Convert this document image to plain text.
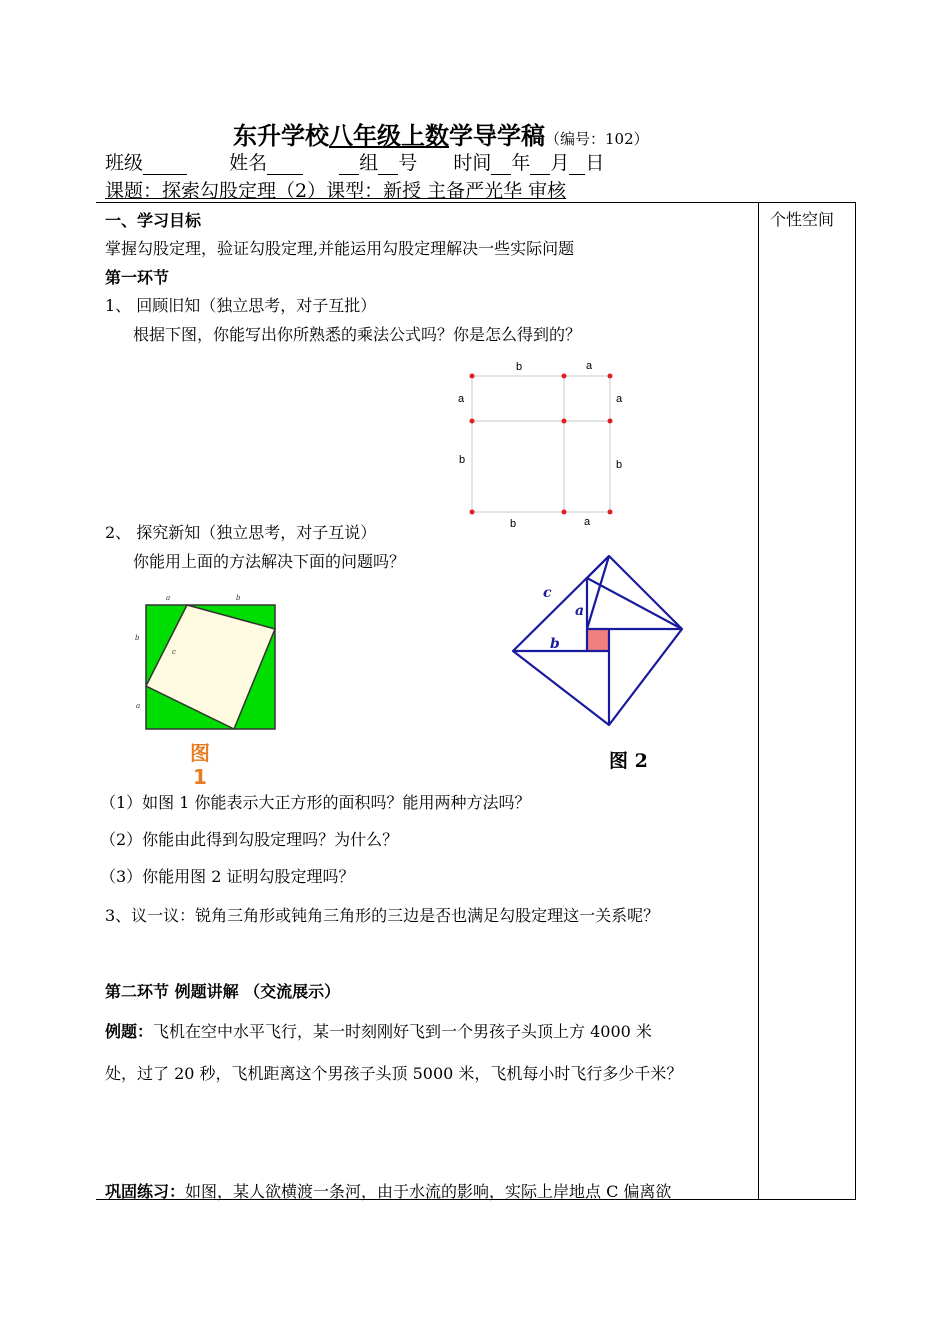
东升学校八年级上数学导学稿（编号：102）
班级	姓名	组 号 时间 年 月 日
课题：探索勾股定理（2）课型：新授 主备严光华 审核
个性空间
一、学习目标
掌握勾股定理，验证勾股定理,并能运用勾股定理解决一些实际问题
第一环节
1、 回顾旧知（独立思考，对子互批）
根据下图，你能写出你所熟悉的乘法公式吗？你是怎么得到的？
b	a
a	a
b	b
b	a
2、 探究新知（独立思考，对子互说）
你能用上面的方法解决下面的问题吗？
a	b
b
a
c
图
1
c
a
b
图 2
（1）如图 1 你能表示大正方形的面积吗？能用两种方法吗？
（2）你能由此得到勾股定理吗？为什么？
（3）你能用图 2 证明勾股定理吗？
3、议一议：锐角三角形或钝角三角形的三边是否也满足勾股定理这一关系呢？
第二环节 例题讲解 （交流展示）
例题：飞机在空中水平飞行，某一时刻刚好飞到一个男孩子头顶上方 4000 米
处，过了 20 秒，飞机距离这个男孩子头顶 5000 米，飞机每小时飞行多少千米？
巩固练习：如图，某人欲横渡一条河，由于水流的影响，实际上岸地点 C 偏离欲
